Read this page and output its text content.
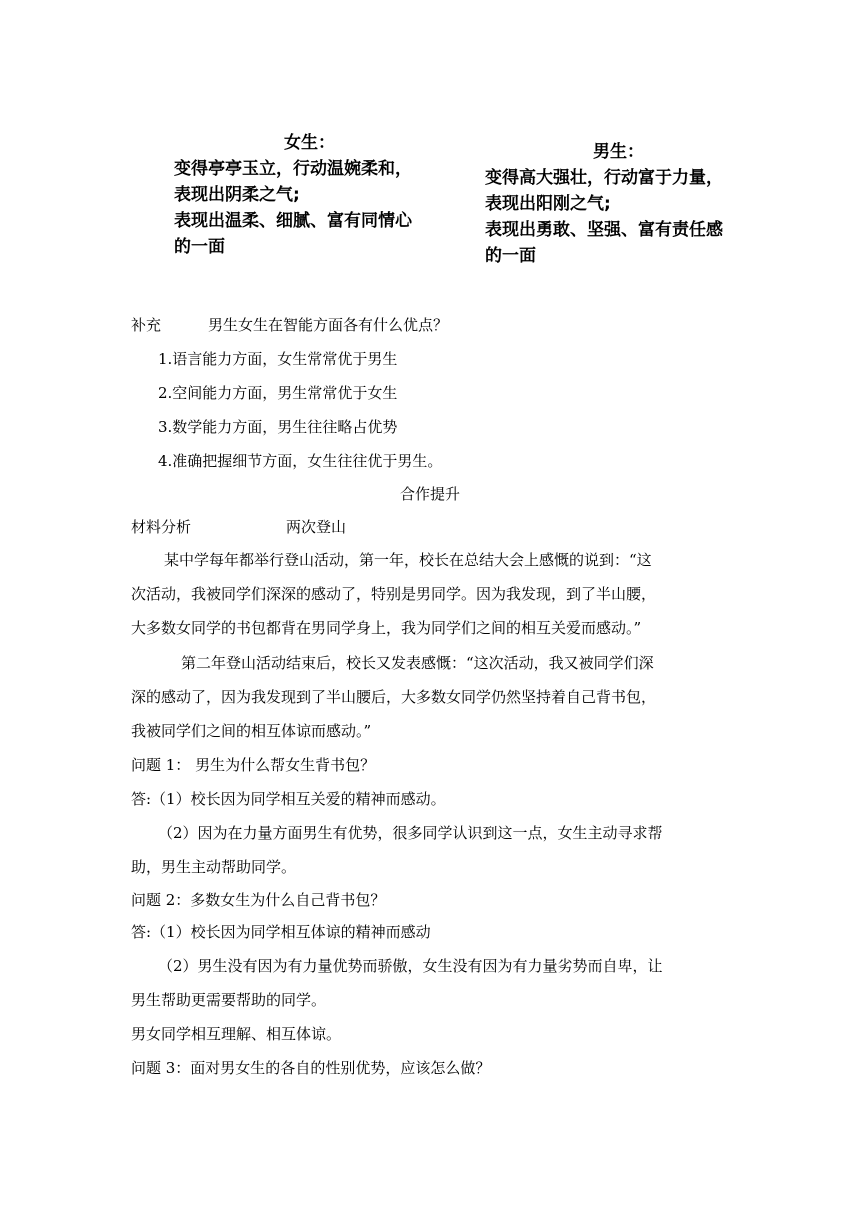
女生：
变得亭亭玉立，行动温婉柔和，
表现出阴柔之气;
表现出温柔、细腻、富有同情心
的一面
男生：
变得高大强壮，行动富于力量，
表现出阳刚之气;
表现出勇敢、坚强、富有责任感
的一面
补充	男生女生在智能方面各有什么优点？
1.语言能力方面，女生常常优于男生
2.空间能力方面，男生常常优于女生
3.数学能力方面，男生往往略占优势
4.准确把握细节方面，女生往往优于男生。
合作提升
材料分析	两次登山
某中学每年都举行登山活动，第一年，校长在总结大会上感慨的说到：“这
次活动，我被同学们深深的感动了，特别是男同学。因为我发现，到了半山腰，
大多数女同学的书包都背在男同学身上，我为同学们之间的相互关爱而感动。”
第二年登山活动结束后，校长又发表感慨：“这次活动，我又被同学们深
深的感动了，因为我发现到了半山腰后，大多数女同学仍然坚持着自己背书包，
我被同学们之间的相互体谅而感动。”
问题 1： 男生为什么帮女生背书包？
答:（1）校长因为同学相互关爱的精神而感动。
（2）因为在力量方面男生有优势，很多同学认识到这一点，女生主动寻求帮
助，男生主动帮助同学。
问题 2：多数女生为什么自己背书包？
答:（1）校长因为同学相互体谅的精神而感动
（2）男生没有因为有力量优势而骄傲，女生没有因为有力量劣势而自卑，让
男生帮助更需要帮助的同学。
男女同学相互理解、相互体谅。
问题 3：面对男女生的各自的性别优势，应该怎么做？
